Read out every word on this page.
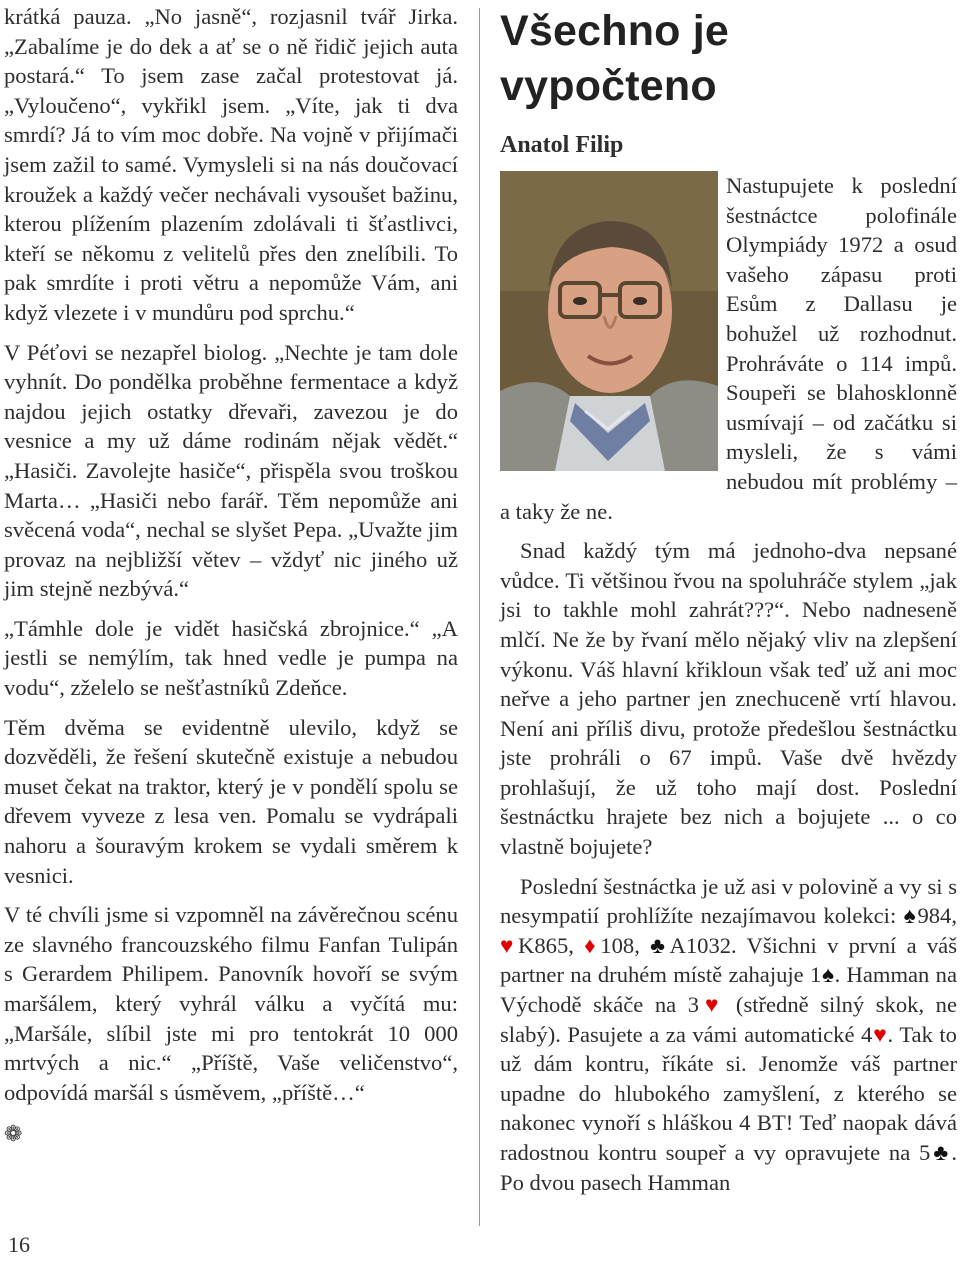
krátká pauza. „No jasně“, rozjasnil tvář Jirka. „Zabalíme je do dek a ať se o ně řidič jejich auta postará.“ To jsem zase začal protestovat já. „Vyloučeno“, vykřikl jsem. „Víte, jak ti dva smrdí? Já to vím moc dobře. Na vojně v přijímači jsem zažil to samé. Vymysleli si na nás doučovací kroužek a každý večer nechávali vysoušet bažinu, kterou plížením plazením zdolávali ti šťastlivci, kteří se někomu z velitelů přes den znelíbili. To pak smrdíte i proti větru a nepomůže Vám, ani když vlezete i v mundůru pod sprchu.“

V Péťovi se nezapřel biolog. „Nechte je tam dole vyhnít. Do pondělka proběhne fermentace a když najdou jejich ostatky dřevaři, zavezou je do vesnice a my už dáme rodinám nějak vědět.“ „Hasiči. Zavolejte hasiče“, přispěla svou troškou Marta… „Hasiči nebo farář. Těm nepomůže ani svěcená voda“, nechal se slyšet Pepa. „Uvažte jim provaz na nejbližší větev – vždyť nic jiného už jim stejně nezbývá.“

„Támhle dole je vidět hasičská zbrojnice.“ „A jestli se nemýlím, tak hned vedle je pumpa na vodu“, zželelo se nešťastníků Zdeňce.

Těm dvěma se evidentně ulevilo, když se dozvěděli, že řešení skutečně existuje a nebudou muset čekat na traktor, který je v pondělí spolu se dřevem vyveze z lesa ven. Pomalu se vydrápali nahoru a šouravým krokem se vydali směrem k vesnici.

V té chvíli jsme si vzpomněl na závěrečnou scénu ze slavného francouzského filmu Fanfan Tulipán s Gerardem Philipem. Panovník hovoří se svým maršálem, který vyhrál válku a vyčítá mu: „Maršále, slíbil jste mi pro tentokrát 10 000 mrtvých a nic.“ „Příště, Vaše veličenstvo“, odpovídá maršál s úsměvem, „příště…“

❁
Všechno je
vypočteno
Anatol Filip

Nastupujete k poslední šestnáctce polofinále Olympiády 1972 a osud vašeho zápasu proti Esům z Dallasu je bohužel už rozhodnut. Prohráváte o 114 impů. Soupeři se blahosklonně usmívají – od začátku si mysleli, že s vámi nebudou mít problémy – a taky že ne.

Snad každý tým má jednoho-dva nepsané vůdce. Ti většinou řvou na spoluhráče stylem „jak jsi to takhle mohl zahrát???“. Nebo nadneseně mlčí. Ne že by řvaní mělo nějaký vliv na zlepšení výkonu. Váš hlavní křikloun však teď už ani moc neřve a jeho partner jen znechuceně vrtí hlavou. Není ani příliš divu, protože předešlou šestnáctku jste prohráli o 67 impů. Vaše dvě hvězdy prohlašují, že už toho mají dost. Poslední šestnáctku hrajete bez nich a bojujete ... o co vlastně bojujete?

Poslední šestnáctka je už asi v polovině a vy si s nesympatií prohlížíte nezajímavou kolekci: ♠984, ♥K865, ♦108, ♣A1032. Všichni v první a váš partner na druhém místě zahajuje 1♠. Hamman na Východě skáče na 3♥ (středně silný skok, ne slabý). Pasujete a za vámi automatické 4♥. Tak to už dám kontru, říkáte si. Jenomže váš partner upadne do hlubokého zamyšlení, z kterého se nakonec vynoří s hláškou 4 BT! Teď naopak dává radostnou kontru soupeř a vy opravujete na 5♣. Po dvou pasech Hamman

16
